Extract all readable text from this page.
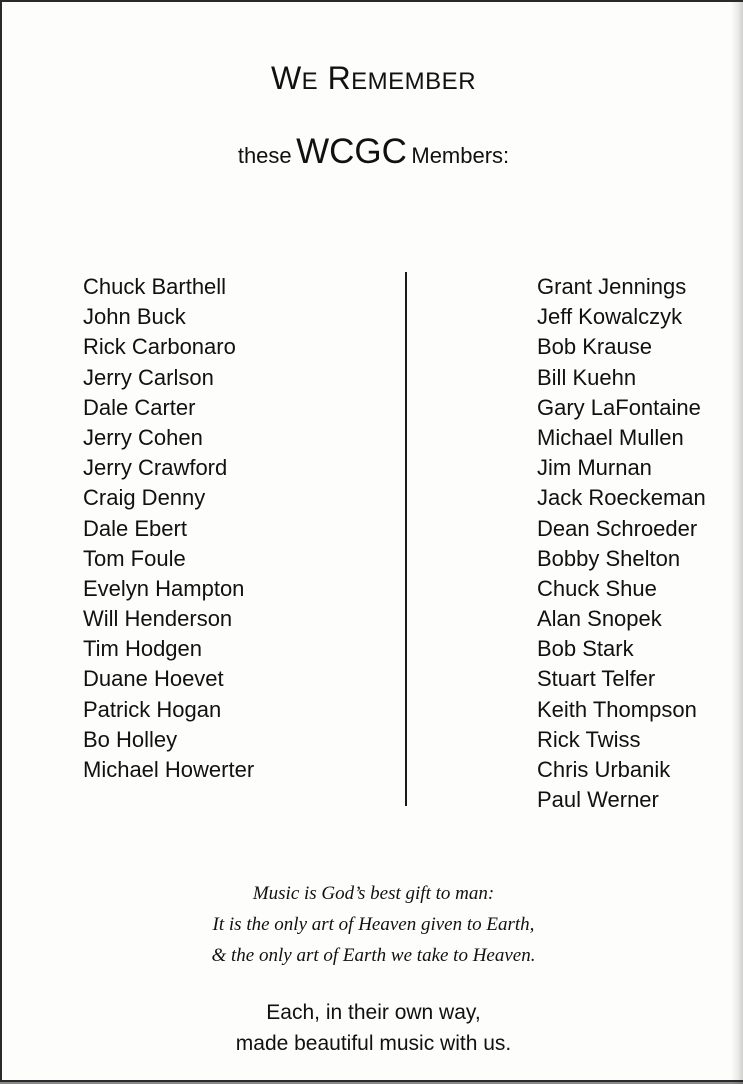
WE REMEMBER
these WCGC Members:
Chuck Barthell
John Buck
Rick Carbonaro
Jerry Carlson
Dale Carter
Jerry Cohen
Jerry Crawford
Craig Denny
Dale Ebert
Tom Foule
Evelyn Hampton
Will Henderson
Tim Hodgen
Duane Hoevet
Patrick Hogan
Bo Holley
Michael Howerter
Grant Jennings
Jeff Kowalczyk
Bob Krause
Bill Kuehn
Gary LaFontaine
Michael Mullen
Jim Murnan
Jack Roeckeman
Dean Schroeder
Bobby Shelton
Chuck Shue
Alan Snopek
Bob Stark
Stuart Telfer
Keith Thompson
Rick Twiss
Chris Urbanik
Paul Werner
Music is God’s best gift to man:
It is the only art of Heaven given to Earth,
& the only art of Earth we take to Heaven.
Each, in their own way,
made beautiful music with us.
